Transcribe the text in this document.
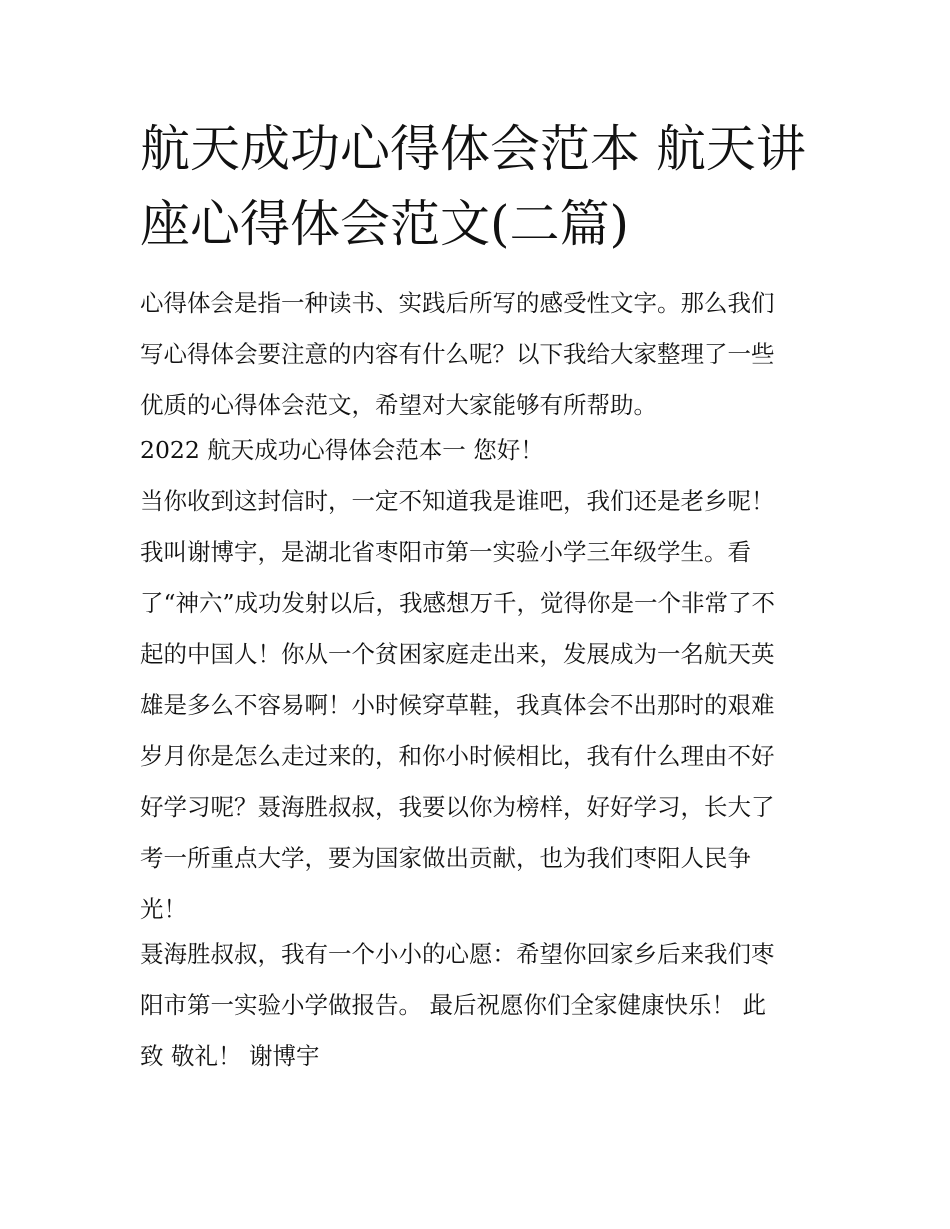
航天成功心得体会范本 航天讲
座心得体会范文(二篇)
心得体会是指一种读书、实践后所写的感受性文字。那么我们
写心得体会要注意的内容有什么呢？以下我给大家整理了一些
优质的心得体会范文，希望对大家能够有所帮助。
2022 航天成功心得体会范本一 您好！
当你收到这封信时，一定不知道我是谁吧，我们还是老乡呢！
我叫谢博宇，是湖北省枣阳市第一实验小学三年级学生。看
了“神六”成功发射以后，我感想万千，觉得你是一个非常了不
起的中国人！你从一个贫困家庭走出来，发展成为一名航天英
雄是多么不容易啊！小时候穿草鞋，我真体会不出那时的艰难
岁月你是怎么走过来的，和你小时候相比，我有什么理由不好
好学习呢？聂海胜叔叔，我要以你为榜样，好好学习，长大了
考一所重点大学，要为国家做出贡献，也为我们枣阳人民争
光！
聂海胜叔叔，我有一个小小的心愿：希望你回家乡后来我们枣
阳市第一实验小学做报告。 最后祝愿你们全家健康快乐！ 此
致 敬礼！ 谢博宇
